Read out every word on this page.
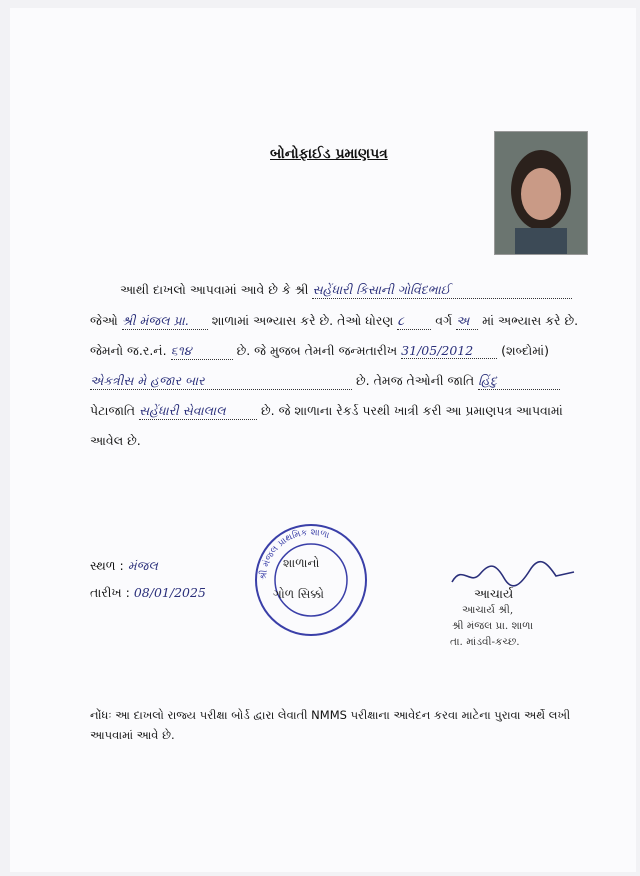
બોનોફાઈડ પ્રમાણપત્ર
આથી દાખલો આપવામાં આવે છે કે શ્રી સહેંધારી કિસાની ગોવિંદભાઈ
જેઓ શ્રી મંજલ પ્રા. શાળામાં અભ્યાસ કરે છે. તેઓ ધોરણ ૮ વર્ગ અ માં અભ્યાસ કરે છે.
જેમનો જ.ર.નં. ૬૧૪	છે. જે મુજબ તેમની જન્મતારીખ 31/05/2012 (શબ્દોમાં)
એકત્રીસ મે હજાર બાર	છે. તેમજ તેઓની જાતિ હિંદુ
પેટાજાતિ સહેંધારી સેવાલાલ	છે. જે શાળાના રેકર્ડ પરથી ખાત્રી કરી આ પ્રમાણપત્ર આપવામાં
આવેલ છે.
સ્થળ : મંજલ
તારીખ : 08/01/2025
શ્રી મંજલ પ્રાથમિક શાળા
શાળાનો
ગોળ સિક્કો	આચાર્ય
આચાર્ય શ્રી,
શ્રી મંજલ પ્રા. શાળા
તા. માંડવી-કચ્છ.
નોંધઃ આ દાખલો રાજ્ય પરીક્ષા બોર્ડ દ્વારા લેવાતી NMMS પરીક્ષાના આવેદન કરવા માટેના પુરાવા અર્થે લખી આપવામાં આવે છે.
